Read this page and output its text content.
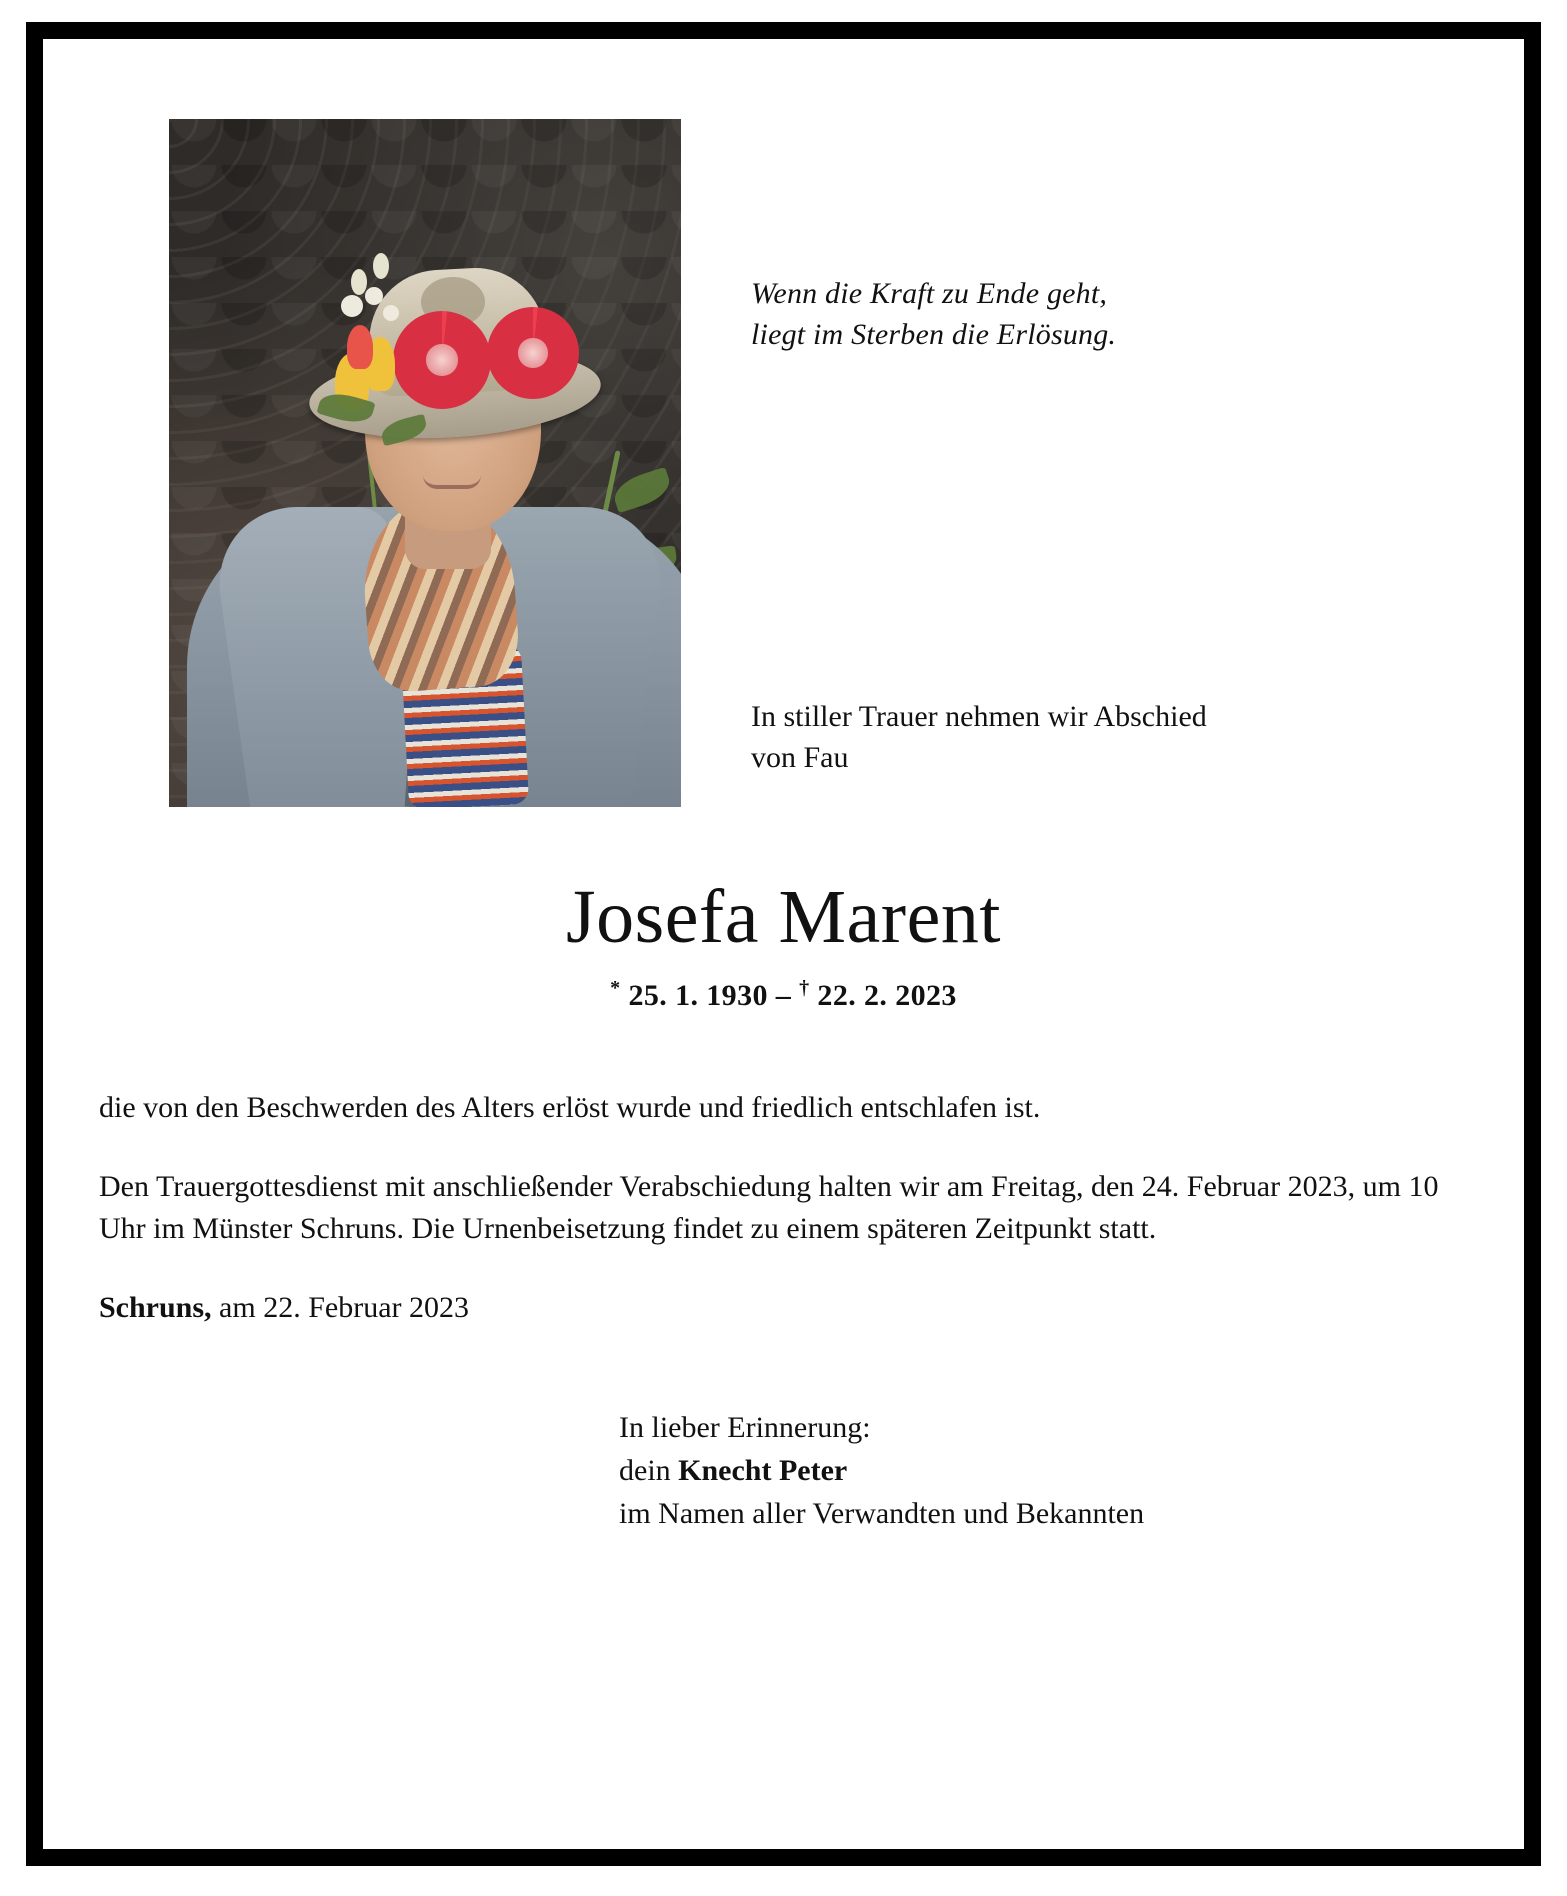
Wenn die Kraft zu Ende geht,
liegt im Sterben die Erlösung.
In stiller Trauer nehmen wir Abschied
von Fau
Josefa Marent
* 25. 1. 1930 – † 22. 2. 2023

die von den Beschwerden des Alters erlöst wurde und friedlich entschlafen ist.

Den Trauergottesdienst mit anschließender Verabschiedung halten wir am Freitag, den 24. Februar 2023, um 10 Uhr im Münster Schruns. Die Urnenbeisetzung findet zu einem späteren Zeitpunkt statt.

Schruns, am 22. Februar 2023

In lieber Erinnerung:
dein Knecht Peter
im Namen aller Verwandten und Bekannten
